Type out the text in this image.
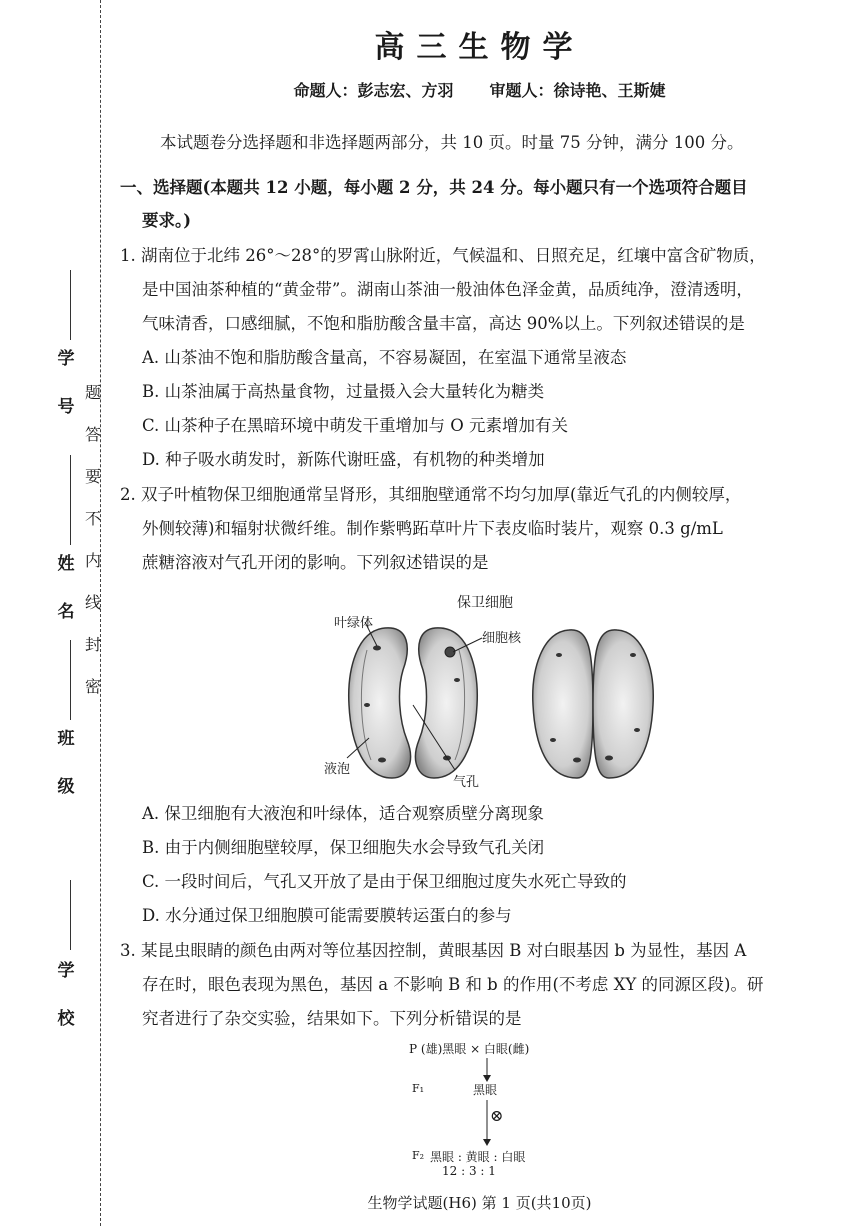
题
答
要
不
内
线
封
密
学
号
姓
名
班
级
学
校
高三生物学
命题人：彭志宏、方羽 审题人：徐诗艳、王斯婕
本试题卷分选择题和非选择题两部分，共 10 页。时量 75 分钟，满分 100 分。
一、选择题(本题共 12 小题，每小题 2 分，共 24 分。每小题只有一个选项符合题目
要求。)
1. 湖南位于北纬 26°～28°的罗霄山脉附近，气候温和、日照充足，红壤中富含矿物质，
是中国油茶种植的“黄金带”。湖南山茶油一般油体色泽金黄，品质纯净，澄清透明，
气味清香，口感细腻，不饱和脂肪酸含量丰富，高达 90%以上。下列叙述错误的是
A. 山茶油不饱和脂肪酸含量高，不容易凝固，在室温下通常呈液态
B. 山茶油属于高热量食物，过量摄入会大量转化为糖类
C. 山茶种子在黑暗环境中萌发干重增加与 O 元素增加有关
D. 种子吸水萌发时，新陈代谢旺盛，有机物的种类增加
2. 双子叶植物保卫细胞通常呈肾形，其细胞壁通常不均匀加厚(靠近气孔的内侧较厚，
外侧较薄)和辐射状微纤维。制作紫鸭跖草叶片下表皮临时装片，观察 0.3 g/mL
蔗糖溶液对气孔开闭的影响。下列叙述错误的是
保卫细胞
叶绿体
细胞核
液泡
气孔
A. 保卫细胞有大液泡和叶绿体，适合观察质壁分离现象
B. 由于内侧细胞壁较厚，保卫细胞失水会导致气孔关闭
C. 一段时间后，气孔又开放了是由于保卫细胞过度失水死亡导致的
D. 水分通过保卫细胞膜可能需要膜转运蛋白的参与
3. 某昆虫眼睛的颜色由两对等位基因控制，黄眼基因 B 对白眼基因 b 为显性，基因 A
存在时，眼色表现为黑色，基因 a 不影响 B 和 b 的作用(不考虑 XY 的同源区段)。研
究者进行了杂交实验，结果如下。下列分析错误的是
P (雄)黑眼 × 白眼(雌)
F₁	黑眼
⊗
F₂ 黑眼 : 黄眼 : 白眼
12 : 3 : 1
生物学试题(H6) 第 1 页(共10页)
